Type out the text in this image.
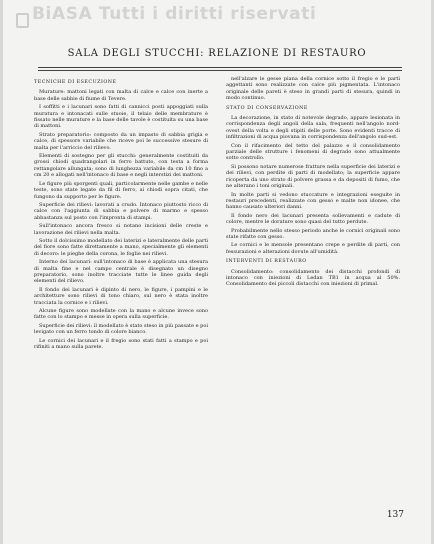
BiASA Tutti i diritti riservati
SALA DEGLI STUCCHI: RELAZIONE DI RESTAURO
TECNICHE DI ESECUZIONE
Murature: mattoni legati con malta di calce e calce con inerte a base delle sabbie di fiume di Tevere.
I soffitti e i lacunari sono fatti di cannicci posti appoggiati sulla muratura e intonacati sulle stuoie, il telaio delle membrature è fissato nelle murature e la base delle tavole è costituita su una base di mattoni.
Strato preparatorio: composto da un impasto di sabbia grigia e calce, di spessore variabile che riceve poi le successive stesure di malta per l'arriccio del rilievo.
Elementi di sostegno per gli stucchi: generalmente costituiti da grossi chiodi quadrangolari in ferro battuto, con testa a forma rettangolare allungata; sono di lunghezza variabile da cm 10 fino a cm 20 e allogati nell'intonaco di base e negli interstizi dei mattoni.
Le figure più sporgenti quali, particolarmente nelle gambe e nelle teste, sono state legate da fil di ferro, ai chiodi sopra citati, che fungono da supporto per le figure.
Superficie dei rilievi: lavorati a crudo. Intonaco piuttosto ricco di calce con l'aggiunta di sabbia e polvere di marmo e spesso abbastanza sul posto con l'impronta di stampi.
Sull'intonaco ancora fresco si notano incisioni delle creste e lavorazione dei rilievi nella malta.
Sotto il dolcissimo modellato dei laterizi e lateralmente delle parti del fiore sono fatte direttamente a mano, specialmente gli elementi di decoro: le pieghe della corona, le foglie nei rilievi.
Interno dei lacunari: sull'intonaco di base è applicata una stesura di malta fine e nel campo centrale è disegnato un disegno preparatorio, sono inoltre tracciate tutte le linee guida degli elementi del rilievo.
Il fondo dei lacunari è dipinto di nero, le figure, i pampini e le architetture sono rilievi di tono chiaro, sul nero è stata inoltre tracciata la cornice e i rilievi.
Alcune figure sono modellate con la mano e alcune invece sono fatte con lo stampo e messe in opera sulla superficie.
Superficie dei rilievi: il modellato è stato steso in più passate e poi levigato con un ferro tondo di colore bianco.
Le cornici dei lacunari e il fregio sono stati fatti a stampo e poi rifiniti a mano sulla parete.
nell'alzare le gesse piana della cornice sotto il fregio e le parti aggettanti sono realizzate con calce più pigmentata. L'intonaco originale delle pareti è steso in grandi parti di stesura, quindi in modo continuo.
STATO DI CONSERVAZIONE
La decorazione, in stato di notevole degrado, appare lesionata in corrispondenza degli angoli della sala, frequenti nell'angolo nord-ovest della volta e degli stipiti delle porte. Sono evidenti tracce di infiltrazioni di acqua piovana in corrispondenza dell'angolo sud-est.
Con il rifacimento del tetto del palazzo e il consolidamento parziale delle strutture i fenomeni di degrado sono attualmente sotto controllo.
Si possono notare numerose fratture nella superficie dei laterizi e dei rilievi, con perdite di parti di modellato; la superficie appare ricoperta da uno strato di polvere grassa e da depositi di fumo, che ne alterano i toni originali.
In molte parti si vedono stuccature e integrazioni eseguite in restauri precedenti, realizzate con gesso e malte non idonee, che hanno causato ulteriori danni.
Il fondo nero dei lacunari presenta sollevamenti e cadute di colore, mentre le dorature sono quasi del tutto perdute.
Probabilmente nello stesso periodo anche le cornici originali sono state rifatte con gesso.
Le cornici e le mensole presentano crepe e perdite di parti, con fessurazioni e alterazioni dovute all'umidità.
INTERVENTI DI RESTAURO
Consolidamento: consolidamento dei distacchi profondi di intonaco con iniezioni di Ledan TB1 in acqua al 50%. Consolidamento dei piccoli distacchi con iniezioni di primal.
137
